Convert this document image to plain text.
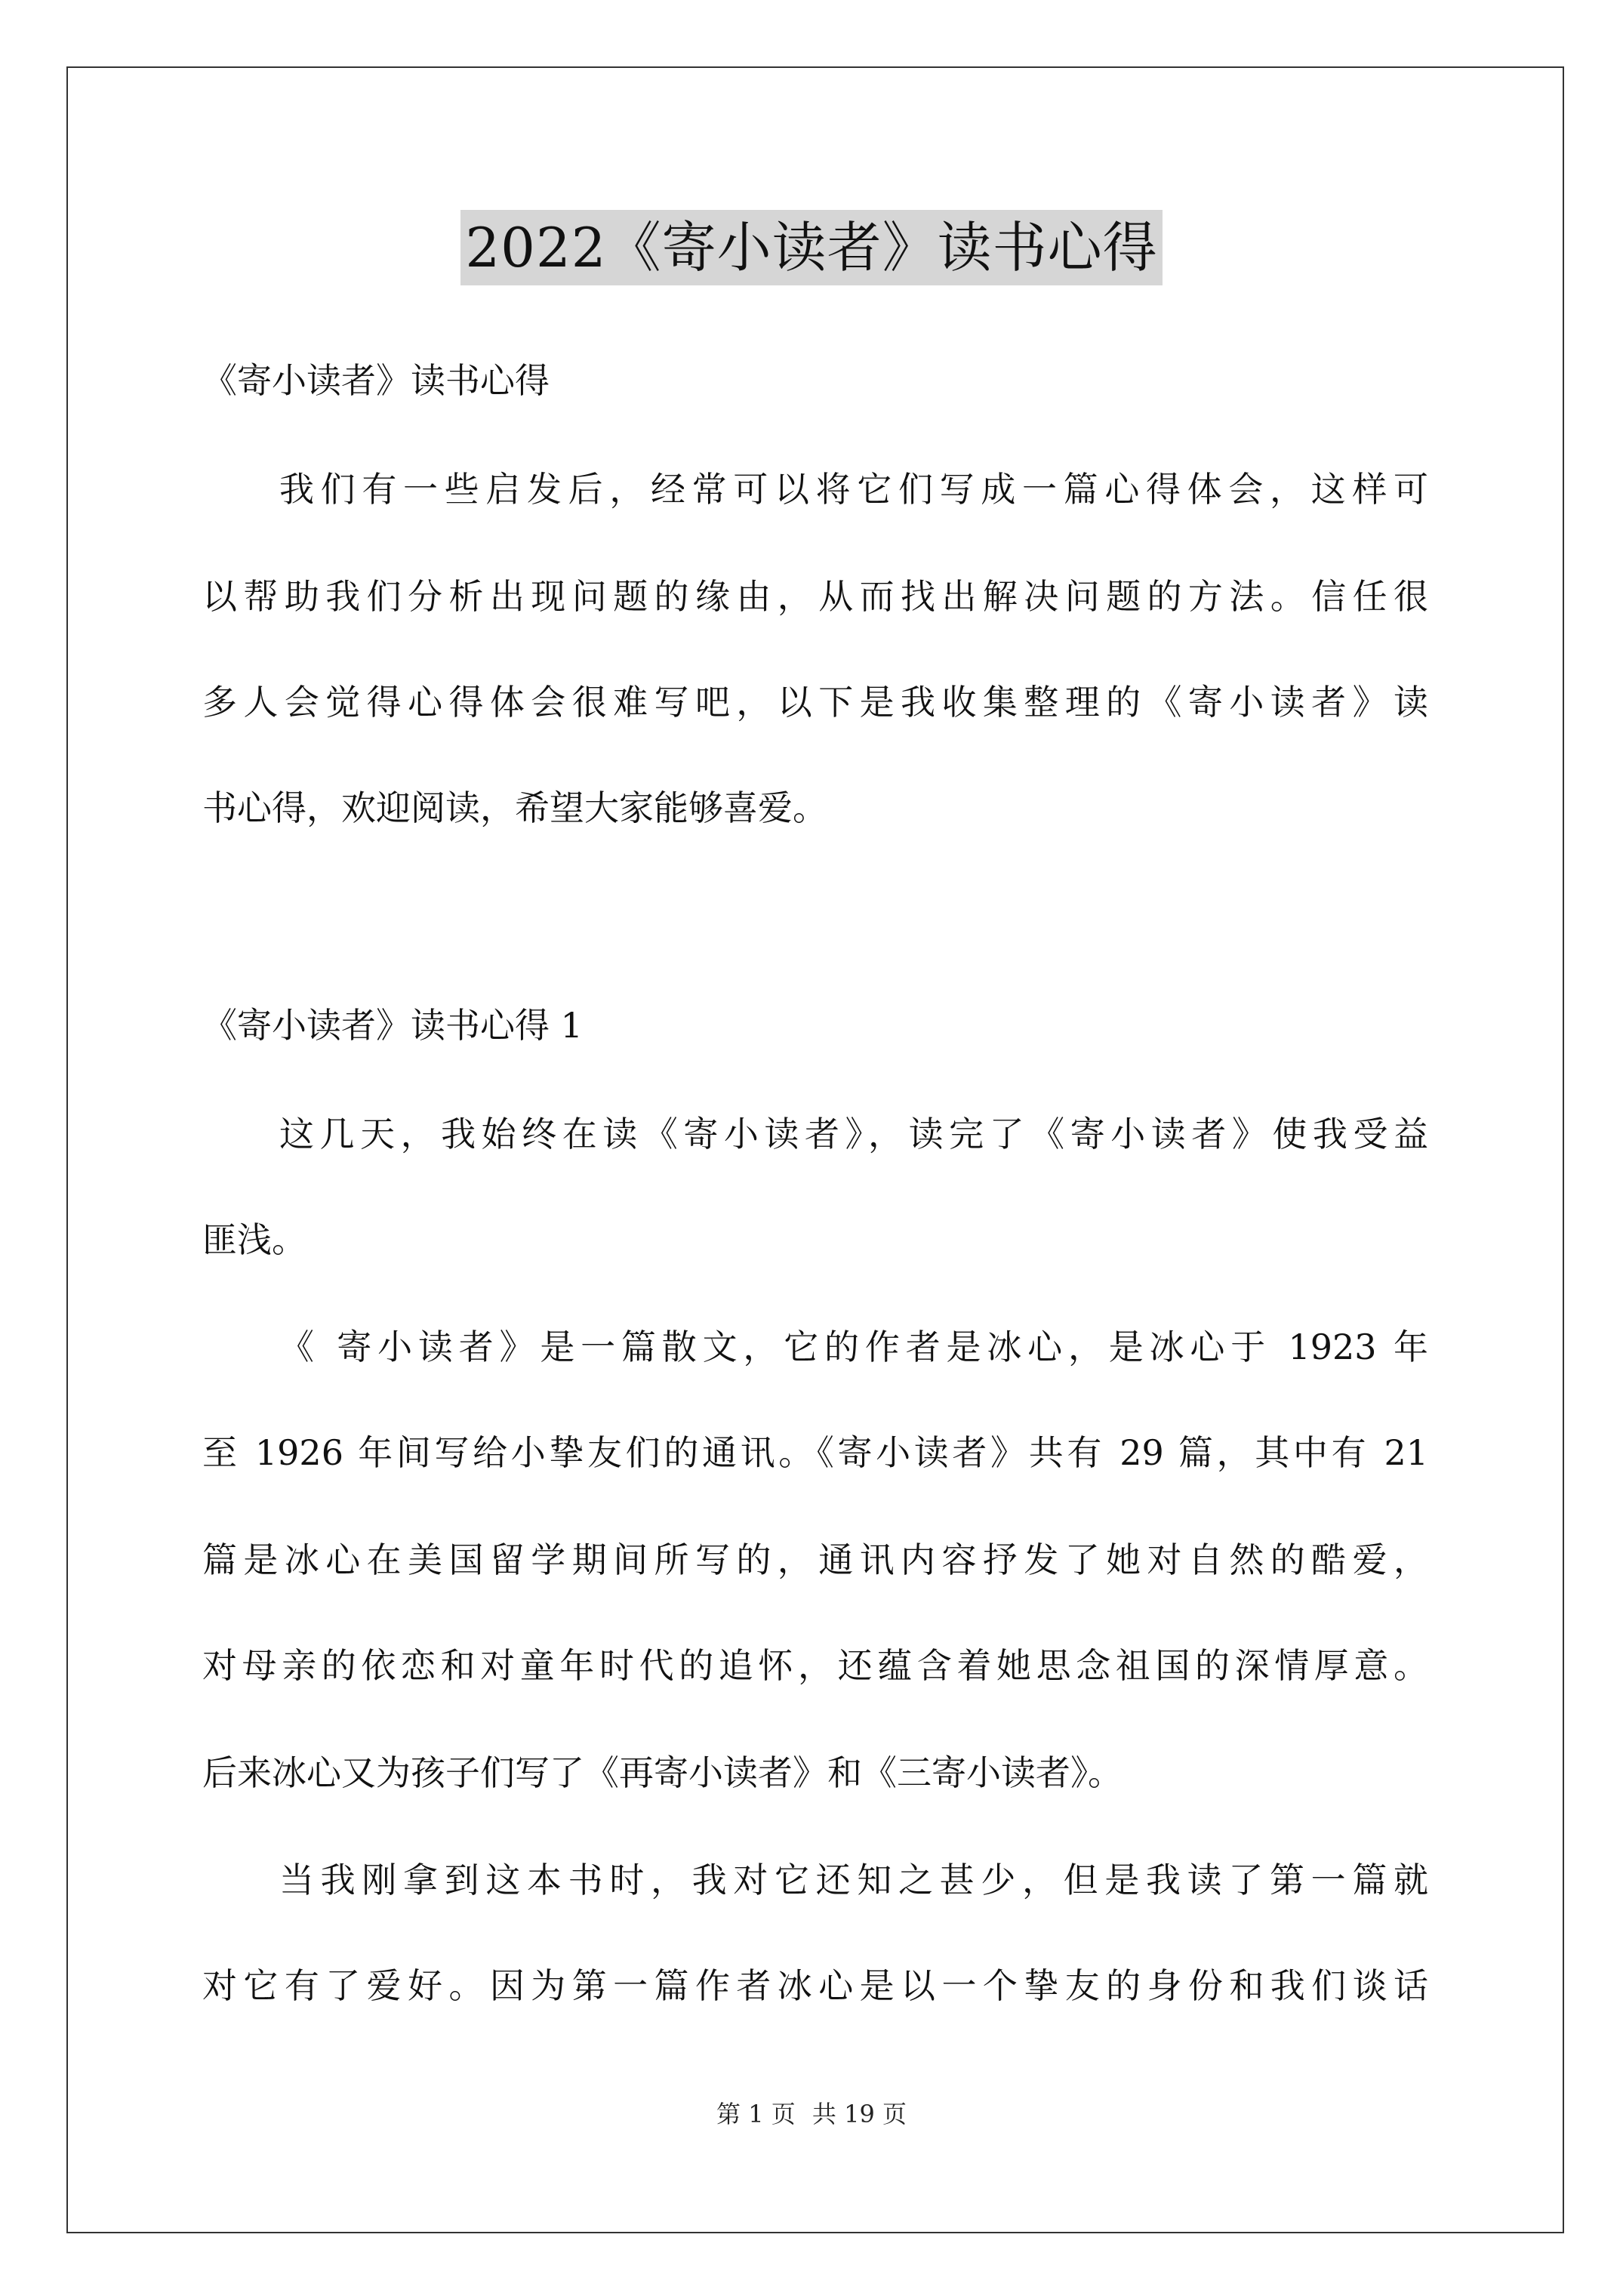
2022《寄小读者》读书心得
《寄小读者》读书心得
我们有一些启发后，经常可以将它们写成一篇心得体会，这样可
以帮助我们分析出现问题的缘由，从而找出解决问题的方法。信任很
多人会觉得心得体会很难写吧，以下是我收集整理的《寄小读者》读
书心得，欢迎阅读，希望大家能够喜爱。
《寄小读者》读书心得 1
这几天，我始终在读《寄小读者》，读完了《寄小读者》使我受益
匪浅。
《 寄小读者》是一篇散文，它的作者是冰心，是冰心于 1923 年
至 1926 年间写给小挚友们的通讯。《寄小读者》共有 29 篇，其中有 21
篇是冰心在美国留学期间所写的，通讯内容抒发了她对自然的酷爱，
对母亲的依恋和对童年时代的追怀，还蕴含着她思念祖国的深情厚意。
后来冰心又为孩子们写了《再寄小读者》和《三寄小读者》。
当我刚拿到这本书时，我对它还知之甚少，但是我读了第一篇就
对它有了爱好。因为第一篇作者冰心是以一个挚友的身份和我们谈话
第 1 页 共 19 页
